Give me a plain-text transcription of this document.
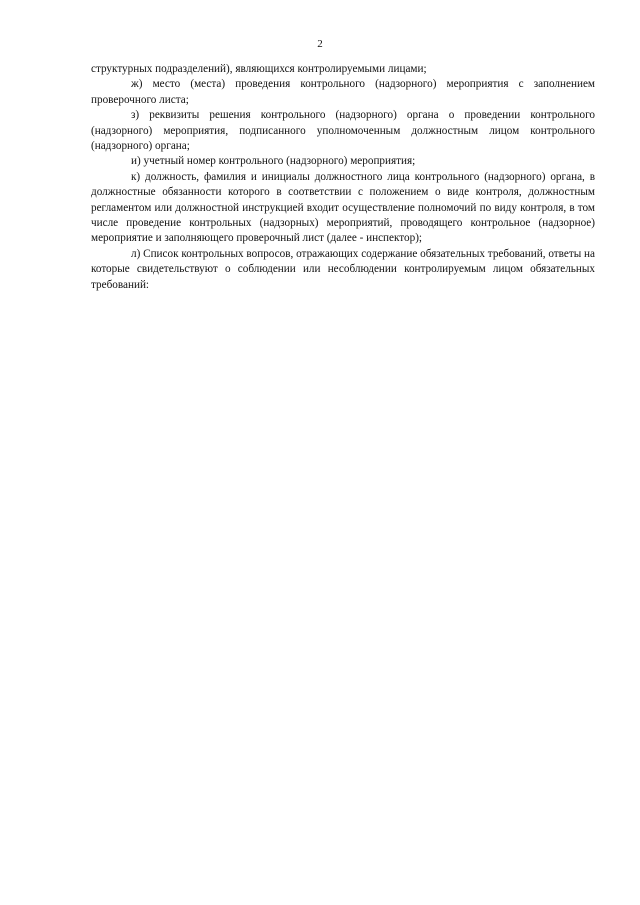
2

структурных подразделений), являющихся контролируемыми лицами;

ж) место (места) проведения контрольного (надзорного) мероприятия с заполнением проверочного листа;

з) реквизиты решения контрольного (надзорного) органа о проведении контрольного (надзорного) мероприятия, подписанного уполномоченным должностным лицом контрольного (надзорного) органа;

и) учетный номер контрольного (надзорного) мероприятия;

к) должность, фамилия и инициалы должностного лица контрольного (надзорного) органа, в должностные обязанности которого в соответствии с положением о виде контроля, должностным регламентом или должностной инструкцией входит осуществление полномочий по виду контроля, в том числе проведение контрольных (надзорных) мероприятий, проводящего контрольное (надзорное) мероприятие и заполняющего проверочный лист (далее - инспектор);

л) Список контрольных вопросов, отражающих содержание обязательных требований, ответы на которые свидетельствуют о соблюдении или несоблюдении контролируемым лицом обязательных требований:
